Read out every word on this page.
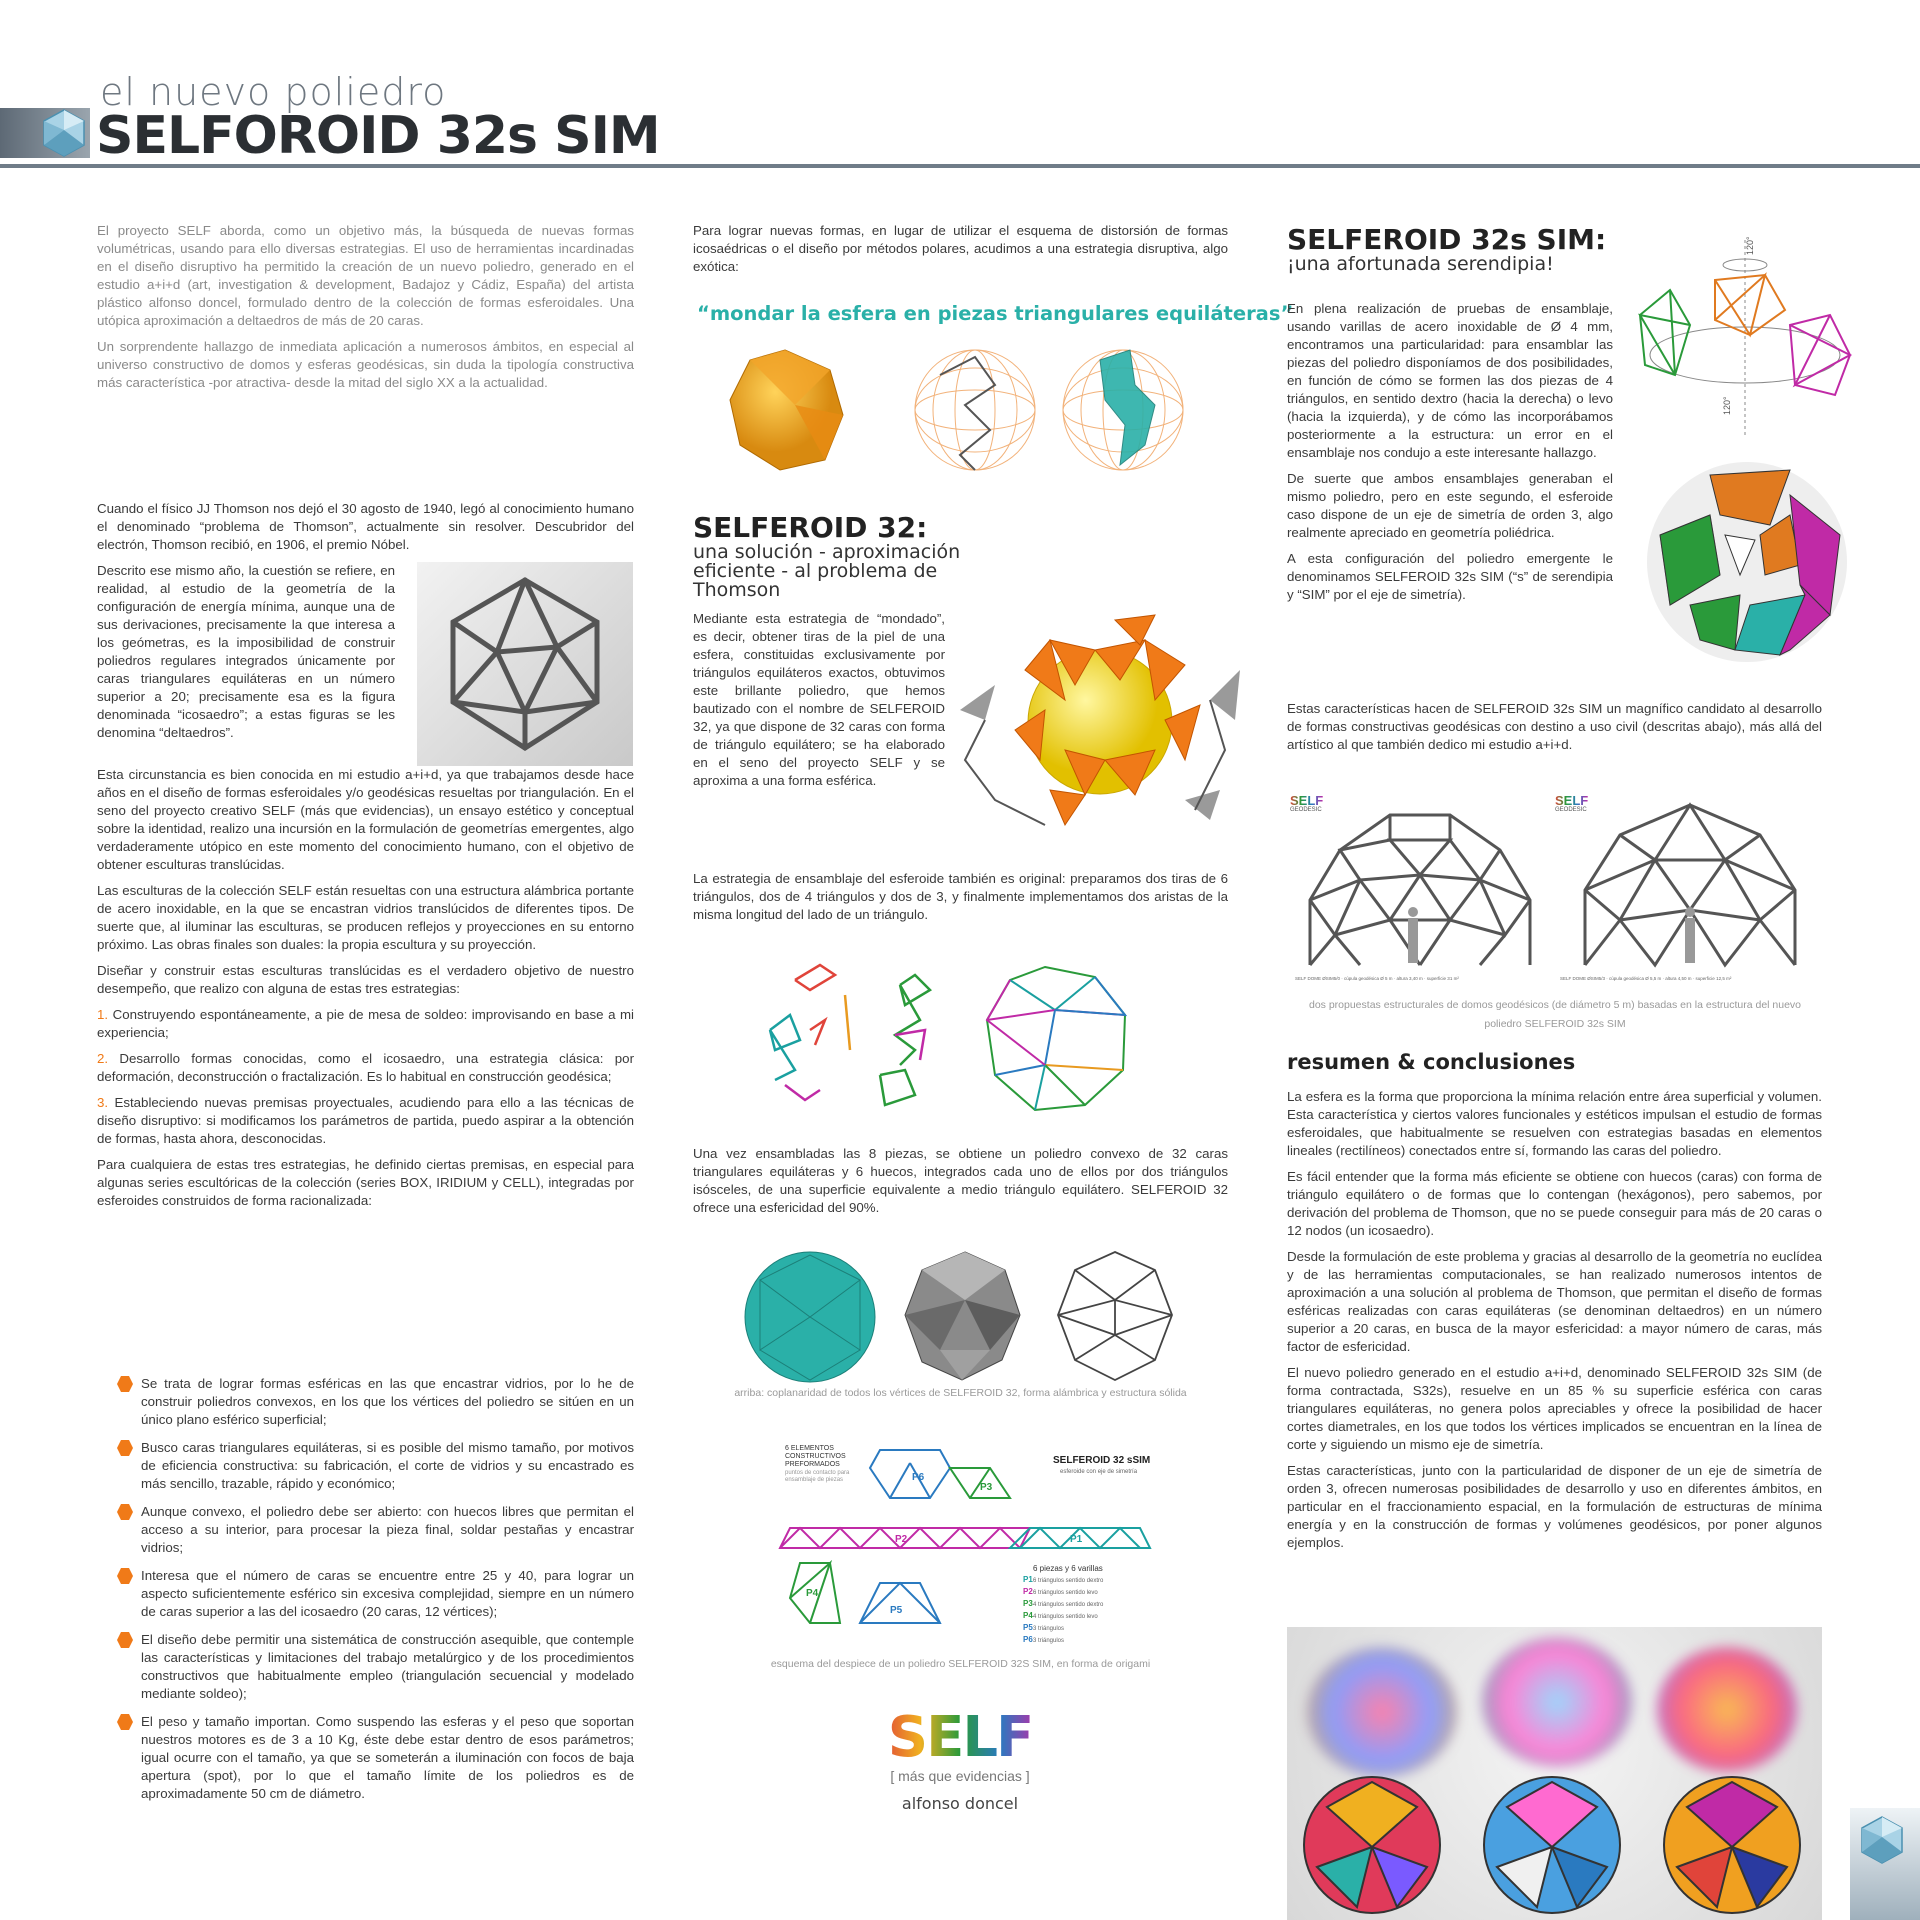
el nuevo poliedro
SELFOROID 32s SIM

El proyecto SELF aborda, como un objetivo más, la búsqueda de nuevas formas volumétricas, usando para ello diversas estrategias. El uso de herramientas incardinadas en el diseño disruptivo ha permitido la creación de un nuevo poliedro, generado en el estudio a+i+d (art, investigation & development, Badajoz y Cádiz, España) del artista plástico alfonso doncel, formulado dentro de la colección de formas esferoidales. Una utópica aproximación a deltaedros de más de 20 caras.

Un sorprendente hallazgo de inmediata aplicación a numerosos ámbitos, en especial al universo constructivo de domos y esferas geodésicas, sin duda la tipología constructiva más característica -por atractiva- desde la mitad del siglo XX a la actualidad.

Cuando el físico JJ Thomson nos dejó el 30 agosto de 1940, legó al conocimiento humano el denominado “problema de Thomson”, actualmente sin resolver. Descubridor del electrón, Thomson recibió, en 1906, el premio Nóbel.

Descrito ese mismo año, la cuestión se refiere, en realidad, al estudio de la geometría de la configuración de energía mínima, aunque una de sus derivaciones, precisamente la que interesa a los geómetras, es la imposibilidad de construir poliedros regulares integrados únicamente por caras triangulares equiláteras en un número superior a 20; precisamente esa es la figura denominada “icosaedro”; a estas figuras se les denomina “deltaedros”.

Esta circunstancia es bien conocida en mi estudio a+i+d, ya que trabajamos desde hace años en el diseño de formas esferoidales y/o geodésicas resueltas por triangulación. En el seno del proyecto creativo SELF (más que evidencias), un ensayo estético y conceptual sobre la identidad, realizo una incursión en la formulación de geometrías emergentes, algo verdaderamente utópico en este momento del conocimiento humano, con el objetivo de obtener esculturas translúcidas.

Las esculturas de la colección SELF están resueltas con una estructura alámbrica portante de acero inoxidable, en la que se encastran vidrios translúcidos de diferentes tipos. De suerte que, al iluminar las esculturas, se producen reflejos y proyecciones en su entorno próximo. Las obras finales son duales: la propia escultura y su proyección.

Diseñar y construir estas esculturas translúcidas es el verdadero objetivo de nuestro desempeño, que realizo con alguna de estas tres estrategias:

1. Construyendo espontáneamente, a pie de mesa de soldeo: improvisando en base a mi experiencia;

2. Desarrollo formas conocidas, como el icosaedro, una estrategia clásica: por deformación, deconstrucción o fractalización. Es lo habitual en construcción geodésica;

3. Estableciendo nuevas premisas proyectuales, acudiendo para ello a las técnicas de diseño disruptivo: si modificamos los parámetros de partida, puedo aspirar a la obtención de formas, hasta ahora, desconocidas.

Para cualquiera de estas tres estrategias, he definido ciertas premisas, en especial para algunas series escultóricas de la colección (series BOX, IRIDIUM y CELL), integradas por esferoides construidos de forma racionalizada:

Se trata de lograr formas esféricas en las que encastrar vidrios, por lo he de construir poliedros convexos, en los que los vértices del poliedro se sitúen en un único plano esférico superficial;

Busco caras triangulares equiláteras, si es posible del mismo tamaño, por motivos de eficiencia constructiva: su fabricación, el corte de vidrios y su encastrado es más sencillo, trazable, rápido y económico;

Aunque convexo, el poliedro debe ser abierto: con huecos libres que permitan el acceso a su interior, para procesar la pieza final, soldar pestañas y encastrar vidrios;

Interesa que el número de caras se encuentre entre 25 y 40, para lograr un aspecto suficientemente esférico sin excesiva complejidad, siempre en un número de caras superior a las del icosaedro (20 caras, 12 vértices);

El diseño debe permitir una sistemática de construcción asequible, que contemple las características y limitaciones del trabajo metalúrgico y de los procedimientos constructivos que habitualmente empleo (triangulación secuencial y modelado mediante soldeo);

El peso y tamaño importan. Como suspendo las esferas y el peso que soportan nuestros motores es de 3 a 10 Kg, éste debe estar dentro de esos parámetros; igual ocurre con el tamaño, ya que se someterán a iluminación con focos de baja apertura (spot), por lo que el tamaño límite de los poliedros es de aproximadamente 50 cm de diámetro.

Para lograr nuevas formas, en lugar de utilizar el esquema de distorsión de formas icosaédricas o el diseño por métodos polares, acudimos a una estrategia disruptiva, algo exótica:

“mondar la esfera en piezas triangulares equiláteras”

SELFEROID 32:

una solución - aproximación eficiente - al problema de Thomson

Mediante esta estrategia de “mondado”, es decir, obtener tiras de la piel de una esfera, constituidas exclusivamente por triángulos equiláteros exactos, obtuvimos este brillante poliedro, que hemos bautizado con el nombre de SELFEROID 32, ya que dispone de 32 caras con forma de triángulo equilátero; se ha elaborado en el seno del proyecto SELF y se aproxima a una forma esférica.

La estrategia de ensamblaje del esferoide también es original: preparamos dos tiras de 6 triángulos, dos de 4 triángulos y dos de 3, y finalmente implementamos dos aristas de la misma longitud del lado de un triángulo.

Una vez ensambladas las 8 piezas, se obtiene un poliedro convexo de 32 caras triangulares equiláteras y 6 huecos, integrados cada uno de ellos por dos triángulos isósceles, de una superficie equivalente a medio triángulo equilátero. SELFEROID 32 ofrece una esfericidad del 90%.

arriba: coplanaridad de todos los vértices de SELFEROID 32, forma alámbrica y estructura sólida
6 ELEMENTOS
CONSTRUCTIVOS
PREFORMADOS
puntos de contacto para
ensamblaje de piezas
SELFEROID 32 sSIM
esferoide con eje de simetría
P6
P3
P2	P1
P4
P5
6 piezas y 6 varillas
6 triángulos sentido dextro
6 triángulos sentido levo
4 triángulos sentido dextro
4 triángulos sentido levo
3 triángulos
3 triángulos
P1
P2
P3
P4
P5
P6
esquema del despiece de un poliedro SELFEROID 32S SIM, en forma de origami
SELF
[ más que evidencias ]
alfonso doncel

SELFEROID 32s SIM:

¡una afortunada serendipia!

En plena realización de pruebas de ensamblaje, usando varillas de acero inoxidable de Ø 4 mm, encontramos una particularidad: para ensamblar las piezas del poliedro disponíamos de dos posibilidades, en función de cómo se formen las dos piezas de 4 triángulos, en sentido dextro (hacia la derecha) o levo (hacia la izquierda), y de cómo las incorporábamos posteriormente a la estructura: un error en el ensamblaje nos condujo a este interesante hallazgo.

De suerte que ambos ensamblajes generaban el mismo poliedro, pero en este segundo, el esferoide caso dispone de un eje de simetría de orden 3, algo realmente apreciado en geometría poliédrica.

A esta configuración del poliedro emergente le denominamos SELFEROID 32s SIM (“s” de serendipia y “SIM” por el eje de simetría).

120°
120°

Estas características hacen de SELFEROID 32s SIM un magnífico candidato al desarrollo de formas constructivas geodésicas con destino a uso civil (descritas abajo), más allá del artístico al que también dedico mi estudio a+i+d.

SELF
GEODESIC
SELF
GEODESIC
SELF DOME ØSIM5/0 · cúpula geodésica Ø 5 m · altura 3,40 m · superficie 31 m²	SELF DOME ØSIM5/3 · cúpula geodésica Ø 5,5 m · altura 4,50 m · superficie 12,5 m²
dos propuestas estructurales de domos geodésicos (de diámetro 5 m) basadas en la estructura del nuevo poliedro SELFEROID 32s SIM
resumen & conclusiones

La esfera es la forma que proporciona la mínima relación entre área superficial y volumen. Esta característica y ciertos valores funcionales y estéticos impulsan el estudio de formas esferoidales, que habitualmente se resuelven con estrategias basadas en elementos lineales (rectilíneos) conectados entre sí, formando las caras del poliedro.

Es fácil entender que la forma más eficiente se obtiene con huecos (caras) con forma de triángulo equilátero o de formas que lo contengan (hexágonos), pero sabemos, por derivación del problema de Thomson, que no se puede conseguir para más de 20 caras o 12 nodos (un icosaedro).

Desde la formulación de este problema y gracias al desarrollo de la geometría no euclídea y de las herramientas computacionales, se han realizado numerosos intentos de aproximación a una solución al problema de Thomson, que permitan el diseño de formas esféricas realizadas con caras equiláteras (se denominan deltaedros) en un número superior a 20 caras, en busca de la mayor esfericidad: a mayor número de caras, más factor de esfericidad.

El nuevo poliedro generado en el estudio a+i+d, denominado SELFEROID 32s SIM (de forma contractada, S32s), resuelve en un 85 % su superficie esférica con caras triangulares equiláteras, no genera polos apreciables y ofrece la posibilidad de hacer cortes diametrales, en los que todos los vértices implicados se encuentran en la línea de corte y siguiendo un mismo eje de simetría.

Estas características, junto con la particularidad de disponer de un eje de simetría de orden 3, ofrecen numerosas posibilidades de desarrollo y uso en diferentes ámbitos, en particular en el fraccionamiento espacial, en la formulación de estructuras de mínima energía y en la construcción de formas y volúmenes geodésicos, por poner algunos ejemplos.
